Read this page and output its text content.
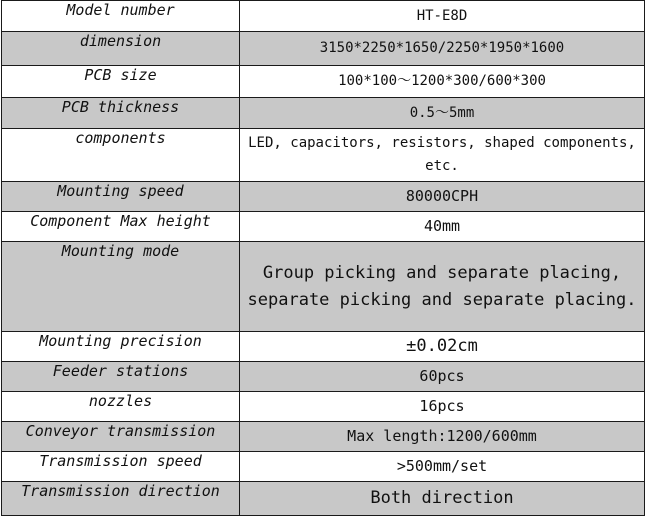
Model number	HT-E8D
dimension	3150*2250*1650/2250*1950*1600
PCB size	100*100～1200*300/600*300
PCB thickness	0.5～5mm
components	LED, capacitors, resistors, shaped components, etc.
Mounting speed	80000CPH
Component Max height	40mm
Mounting mode	Group picking and separate placing, separate picking and separate placing.
Mounting precision	±0.02cm
Feeder stations	60pcs
nozzles	16pcs
Conveyor transmission	Max length:1200/600mm
Transmission speed	>500mm/set
Transmission direction	Both direction
